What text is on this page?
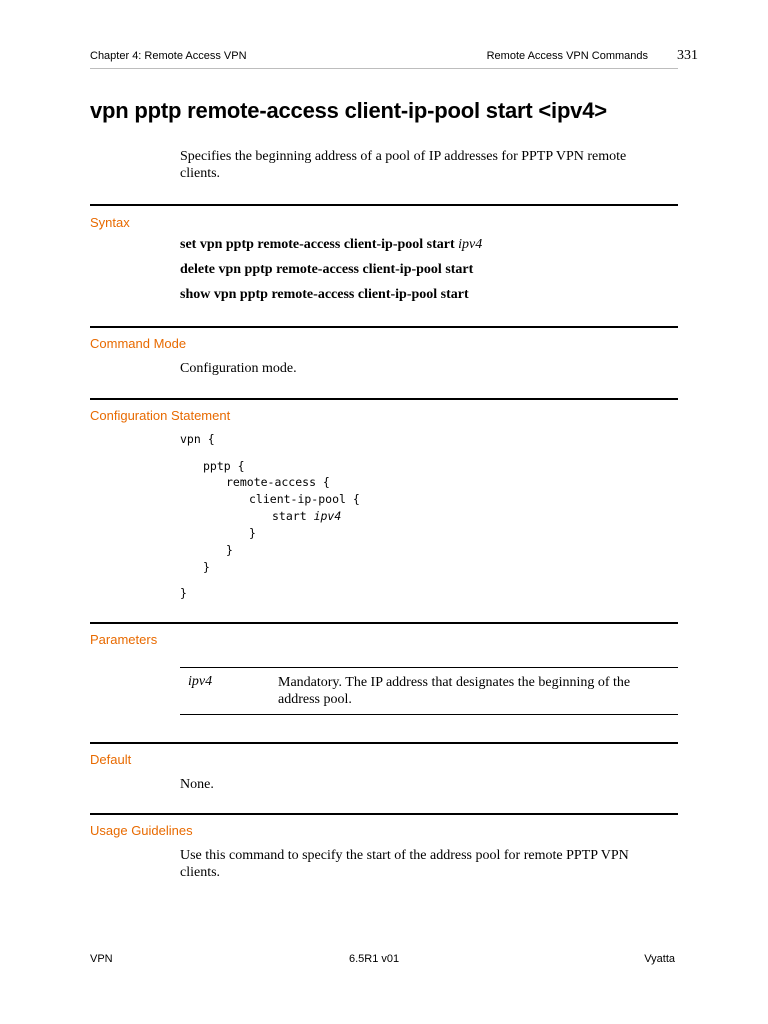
Chapter 4: Remote Access VPN	Remote Access VPN Commands 331
vpn pptp remote-access client-ip-pool start <ipv4>
Specifies the beginning address of a pool of IP addresses for PPTP VPN remote clients.
Syntax
set vpn pptp remote-access client-ip-pool start ipv4
delete vpn pptp remote-access client-ip-pool start
show vpn pptp remote-access client-ip-pool start
Command Mode
Configuration mode.
Configuration Statement
vpn {
pptp {
remote-access {
client-ip-pool {
start ipv4
}
}
}
}
Parameters
ipv4	Mandatory. The IP address that designates the beginning of the address pool.
Default
None.
Usage Guidelines
Use this command to specify the start of the address pool for remote PPTP VPN clients.
VPN	6.5R1 v01	Vyatta
